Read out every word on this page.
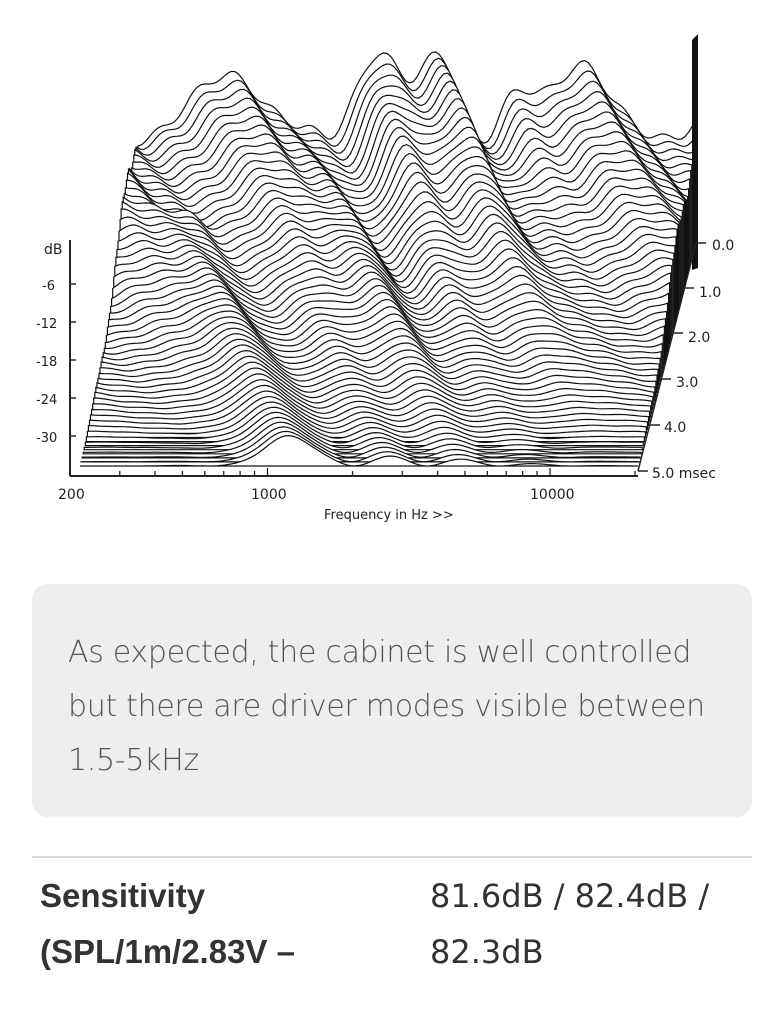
dB
-6
-12
-18
-24
-30
200	1000	10000
Frequency in Hz >>
0.0
1.0
2.0
3.0
4.0
5.0 msec

As expected, the cabinet is well controlled

but there are driver modes visible between

1.5-5kHz

Sensitivity
(SPL/1m/2.83V –
81.6dB / 82.4dB /
82.3dB
